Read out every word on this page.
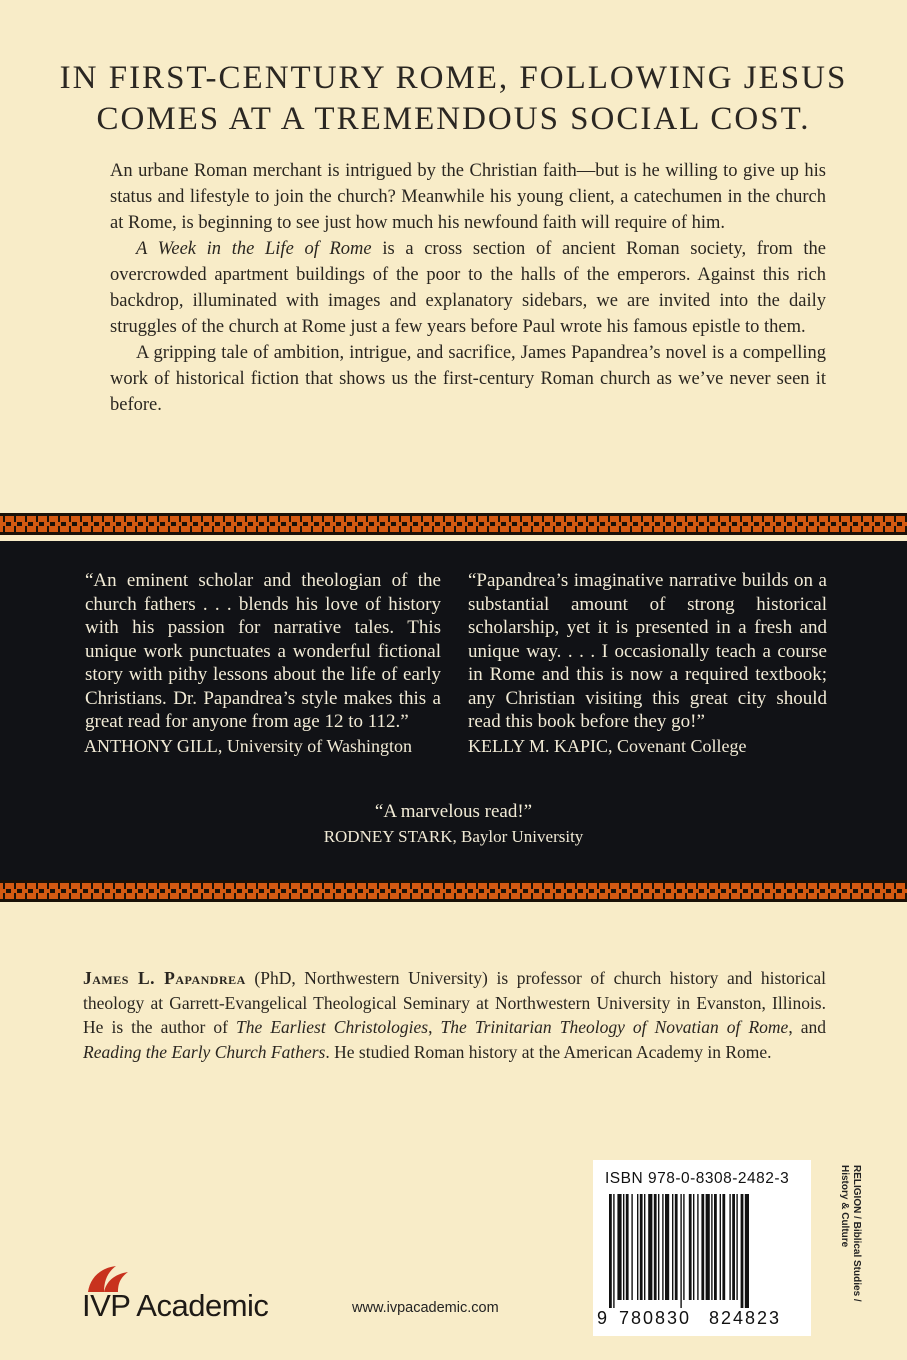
IN FIRST-CENTURY ROME, FOLLOWING JESUS
COMES AT A TREMENDOUS SOCIAL COST.

An urbane Roman merchant is intrigued by the Christian faith—but is he willing to give up his status and lifestyle to join the church? Meanwhile his young client, a catechumen in the church at Rome, is beginning to see just how much his newfound faith will require of him.

A Week in the Life of Rome is a cross section of ancient Roman society, from the overcrowded apartment buildings of the poor to the halls of the emperors. Against this rich backdrop, illuminated with images and explanatory sidebars, we are invited into the daily struggles of the church at Rome just a few years before Paul wrote his famous epistle to them.

A gripping tale of ambition, intrigue, and sacrifice, James Papandrea’s novel is a compelling work of historical fiction that shows us the first-century Roman church as we’ve never seen it before.

“An eminent scholar and theologian of the church fathers . . . blends his love of history with his passion for narrative tales. This unique work punctuates a wonderful fictional story with pithy lessons about the life of early Christians. Dr. Papandrea’s style makes this a great read for anyone from age 12 to 112.”
ANTHONY GILL, University of Washington
“Papandrea’s imaginative narrative builds on a substantial amount of strong historical scholarship, yet it is presented in a fresh and unique way. . . . I occasionally teach a course in Rome and this is now a required textbook; any Christian visiting this great city should read this book before they go!”
KELLY M. KAPIC, Covenant College
“A marvelous read!”
RODNEY STARK, Baylor University
James L. Papandrea (PhD, Northwestern University) is professor of church history and historical theology at Garrett-Evangelical Theological Seminary at Northwestern University in Evanston, Illinois. He is the author of The Earliest Christologies, The Trinitarian Theology of Novatian of Rome, and Reading the Early Church Fathers. He studied Roman history at the American Academy in Rome.
IVP Academic	www.ivpacademic.com
ISBN 978-0-8308-2482-3
9 780830 824823
RELIGION / Biblical Studies /
History & Culture
